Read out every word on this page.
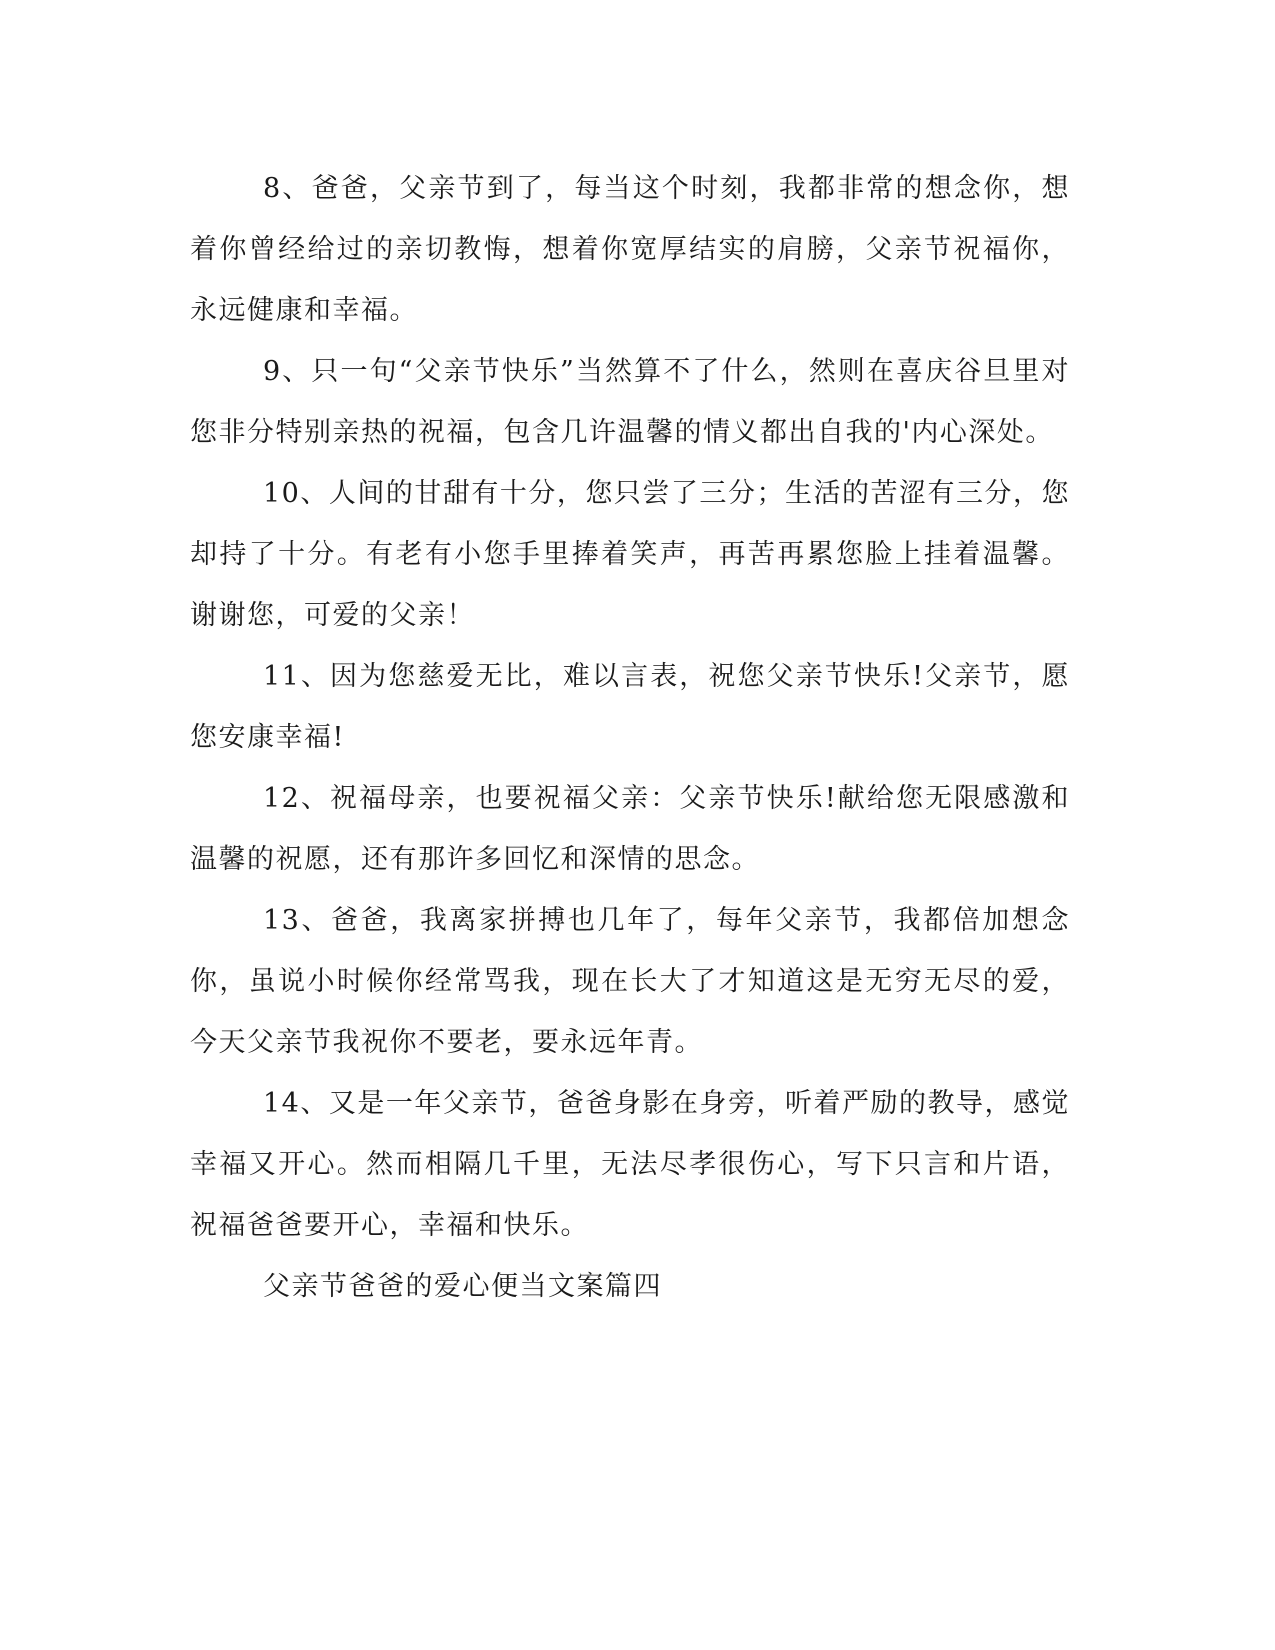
8、爸爸，父亲节到了，每当这个时刻，我都非常的想念你，想着你曾经给过的亲切教悔，想着你宽厚结实的肩膀，父亲节祝福你，永远健康和幸福。

9、只一句“父亲节快乐”当然算不了什么，然则在喜庆谷旦里对您非分特别亲热的祝福，包含几许温馨的情义都出自我的'内心深处。

10、人间的甘甜有十分，您只尝了三分；生活的苦涩有三分，您却持了十分。有老有小您手里捧着笑声，再苦再累您脸上挂着温馨。谢谢您，可爱的父亲！

11、因为您慈爱无比，难以言表，祝您父亲节快乐!父亲节，愿您安康幸福!

12、祝福母亲，也要祝福父亲：父亲节快乐!献给您无限感激和温馨的祝愿，还有那许多回忆和深情的思念。

13、爸爸，我离家拼搏也几年了，每年父亲节，我都倍加想念你，虽说小时候你经常骂我，现在长大了才知道这是无穷无尽的爱，今天父亲节我祝你不要老，要永远年青。

14、又是一年父亲节，爸爸身影在身旁，听着严励的教导，感觉幸福又开心。然而相隔几千里，无法尽孝很伤心，写下只言和片语，祝福爸爸要开心，幸福和快乐。

父亲节爸爸的爱心便当文案篇四
